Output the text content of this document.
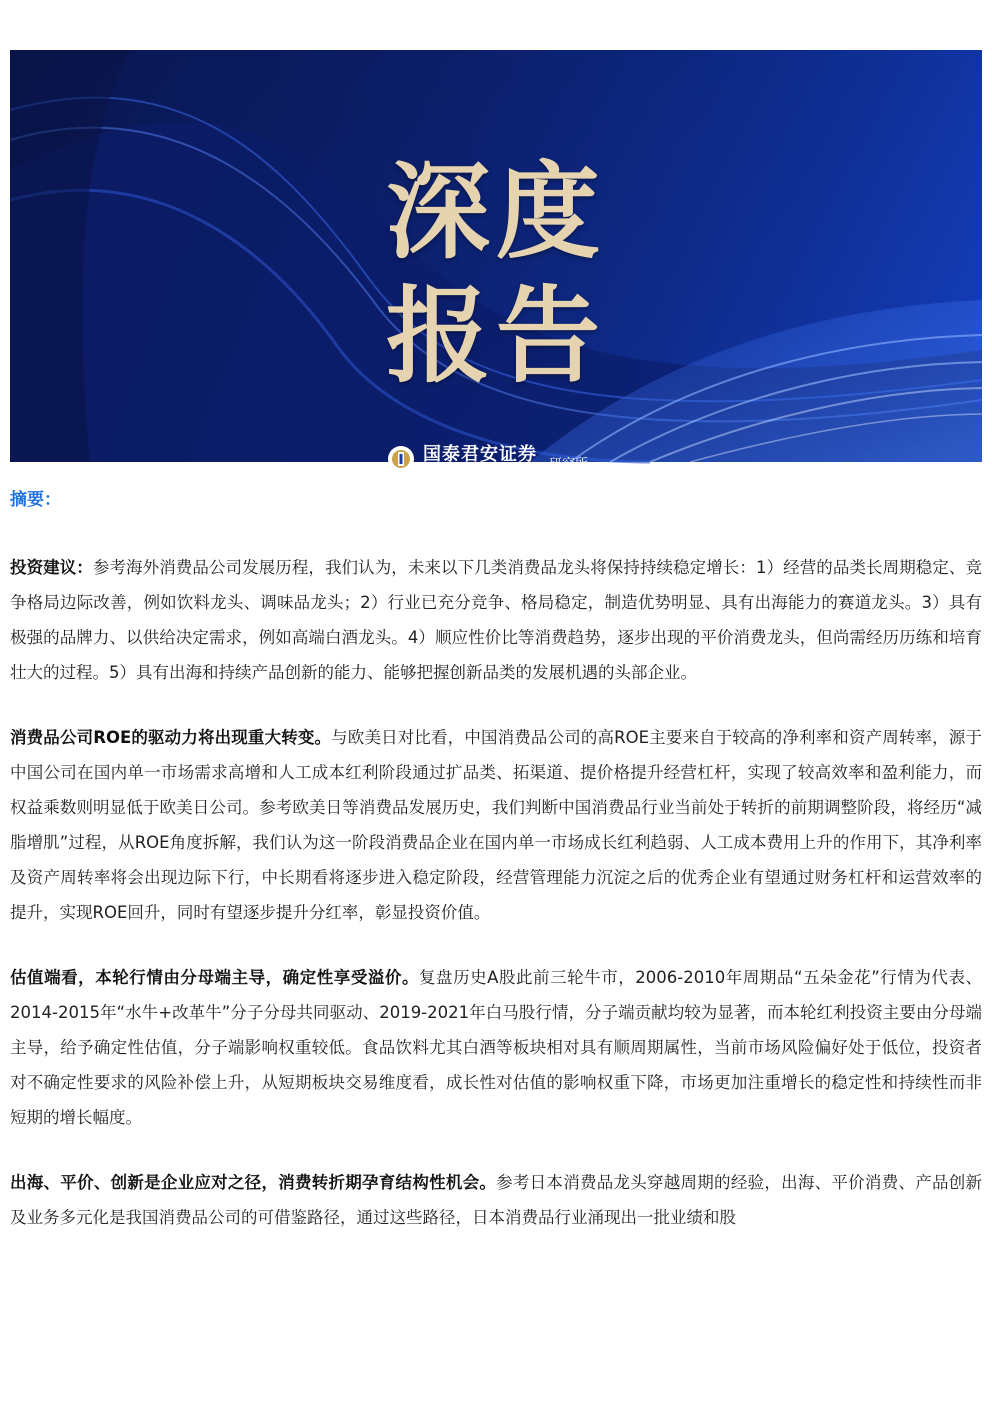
深度
报告
国泰君安证券
GUOTAI JUNAN SECURITIES	研究所
摘要：

投资建议：参考海外消费品公司发展历程，我们认为，未来以下几类消费品龙头将保持持续稳定增长：1）经营的品类长周期稳定、竞争格局边际改善，例如饮料龙头、调味品龙头；2）行业已充分竞争、格局稳定，制造优势明显、具有出海能力的赛道龙头。3）具有极强的品牌力、以供给决定需求，例如高端白酒龙头。4）顺应性价比等消费趋势，逐步出现的平价消费龙头，但尚需经历历练和培育壮大的过程。5）具有出海和持续产品创新的能力、能够把握创新品类的发展机遇的头部企业。

消费品公司ROE的驱动力将出现重大转变。与欧美日对比看，中国消费品公司的高ROE主要来自于较高的净利率和资产周转率，源于中国公司在国内单一市场需求高增和人工成本红利阶段通过扩品类、拓渠道、提价格提升经营杠杆，实现了较高效率和盈利能力，而权益乘数则明显低于欧美日公司。参考欧美日等消费品发展历史，我们判断中国消费品行业当前处于转折的前期调整阶段，将经历“减脂增肌”过程，从ROE角度拆解，我们认为这一阶段消费品企业在国内单一市场成长红利趋弱、人工成本费用上升的作用下，其净利率及资产周转率将会出现边际下行，中长期看将逐步进入稳定阶段，经营管理能力沉淀之后的优秀企业有望通过财务杠杆和运营效率的提升，实现ROE回升，同时有望逐步提升分红率，彰显投资价值。

估值端看，本轮行情由分母端主导，确定性享受溢价。复盘历史A股此前三轮牛市，2006-2010年周期品“五朵金花”行情为代表、2014-2015年“水牛+改革牛”分子分母共同驱动、2019-2021年白马股行情，分子端贡献均较为显著，而本轮红利投资主要由分母端主导，给予确定性估值，分子端影响权重较低。食品饮料尤其白酒等板块相对具有顺周期属性，当前市场风险偏好处于低位，投资者对不确定性要求的风险补偿上升，从短期板块交易维度看，成长性对估值的影响权重下降，市场更加注重增长的稳定性和持续性而非短期的增长幅度。

出海、平价、创新是企业应对之径，消费转折期孕育结构性机会。参考日本消费品龙头穿越周期的经验，出海、平价消费、产品创新及业务多元化是我国消费品公司的可借鉴路径，通过这些路径，日本消费品行业涌现出一批业绩和股
